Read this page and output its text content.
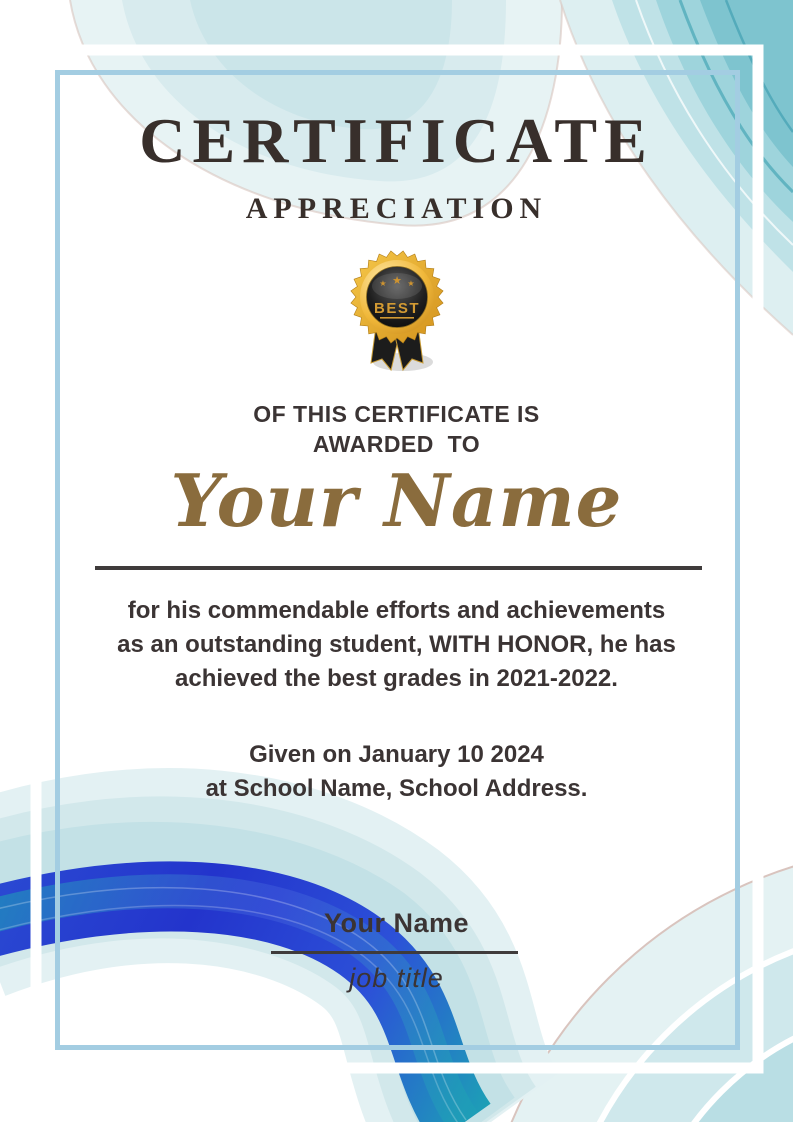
CERTIFICATE
APPRECIATION
★ ★ ★
BEST
OF THIS CERTIFICATE IS
AWARDED  TO
Your Name
for his commendable efforts and achievements
as an outstanding student, WITH HONOR, he has
achieved the best grades in 2021-2022.
Given on January 10 2024
at School Name, School Address.
Your Name
job title
